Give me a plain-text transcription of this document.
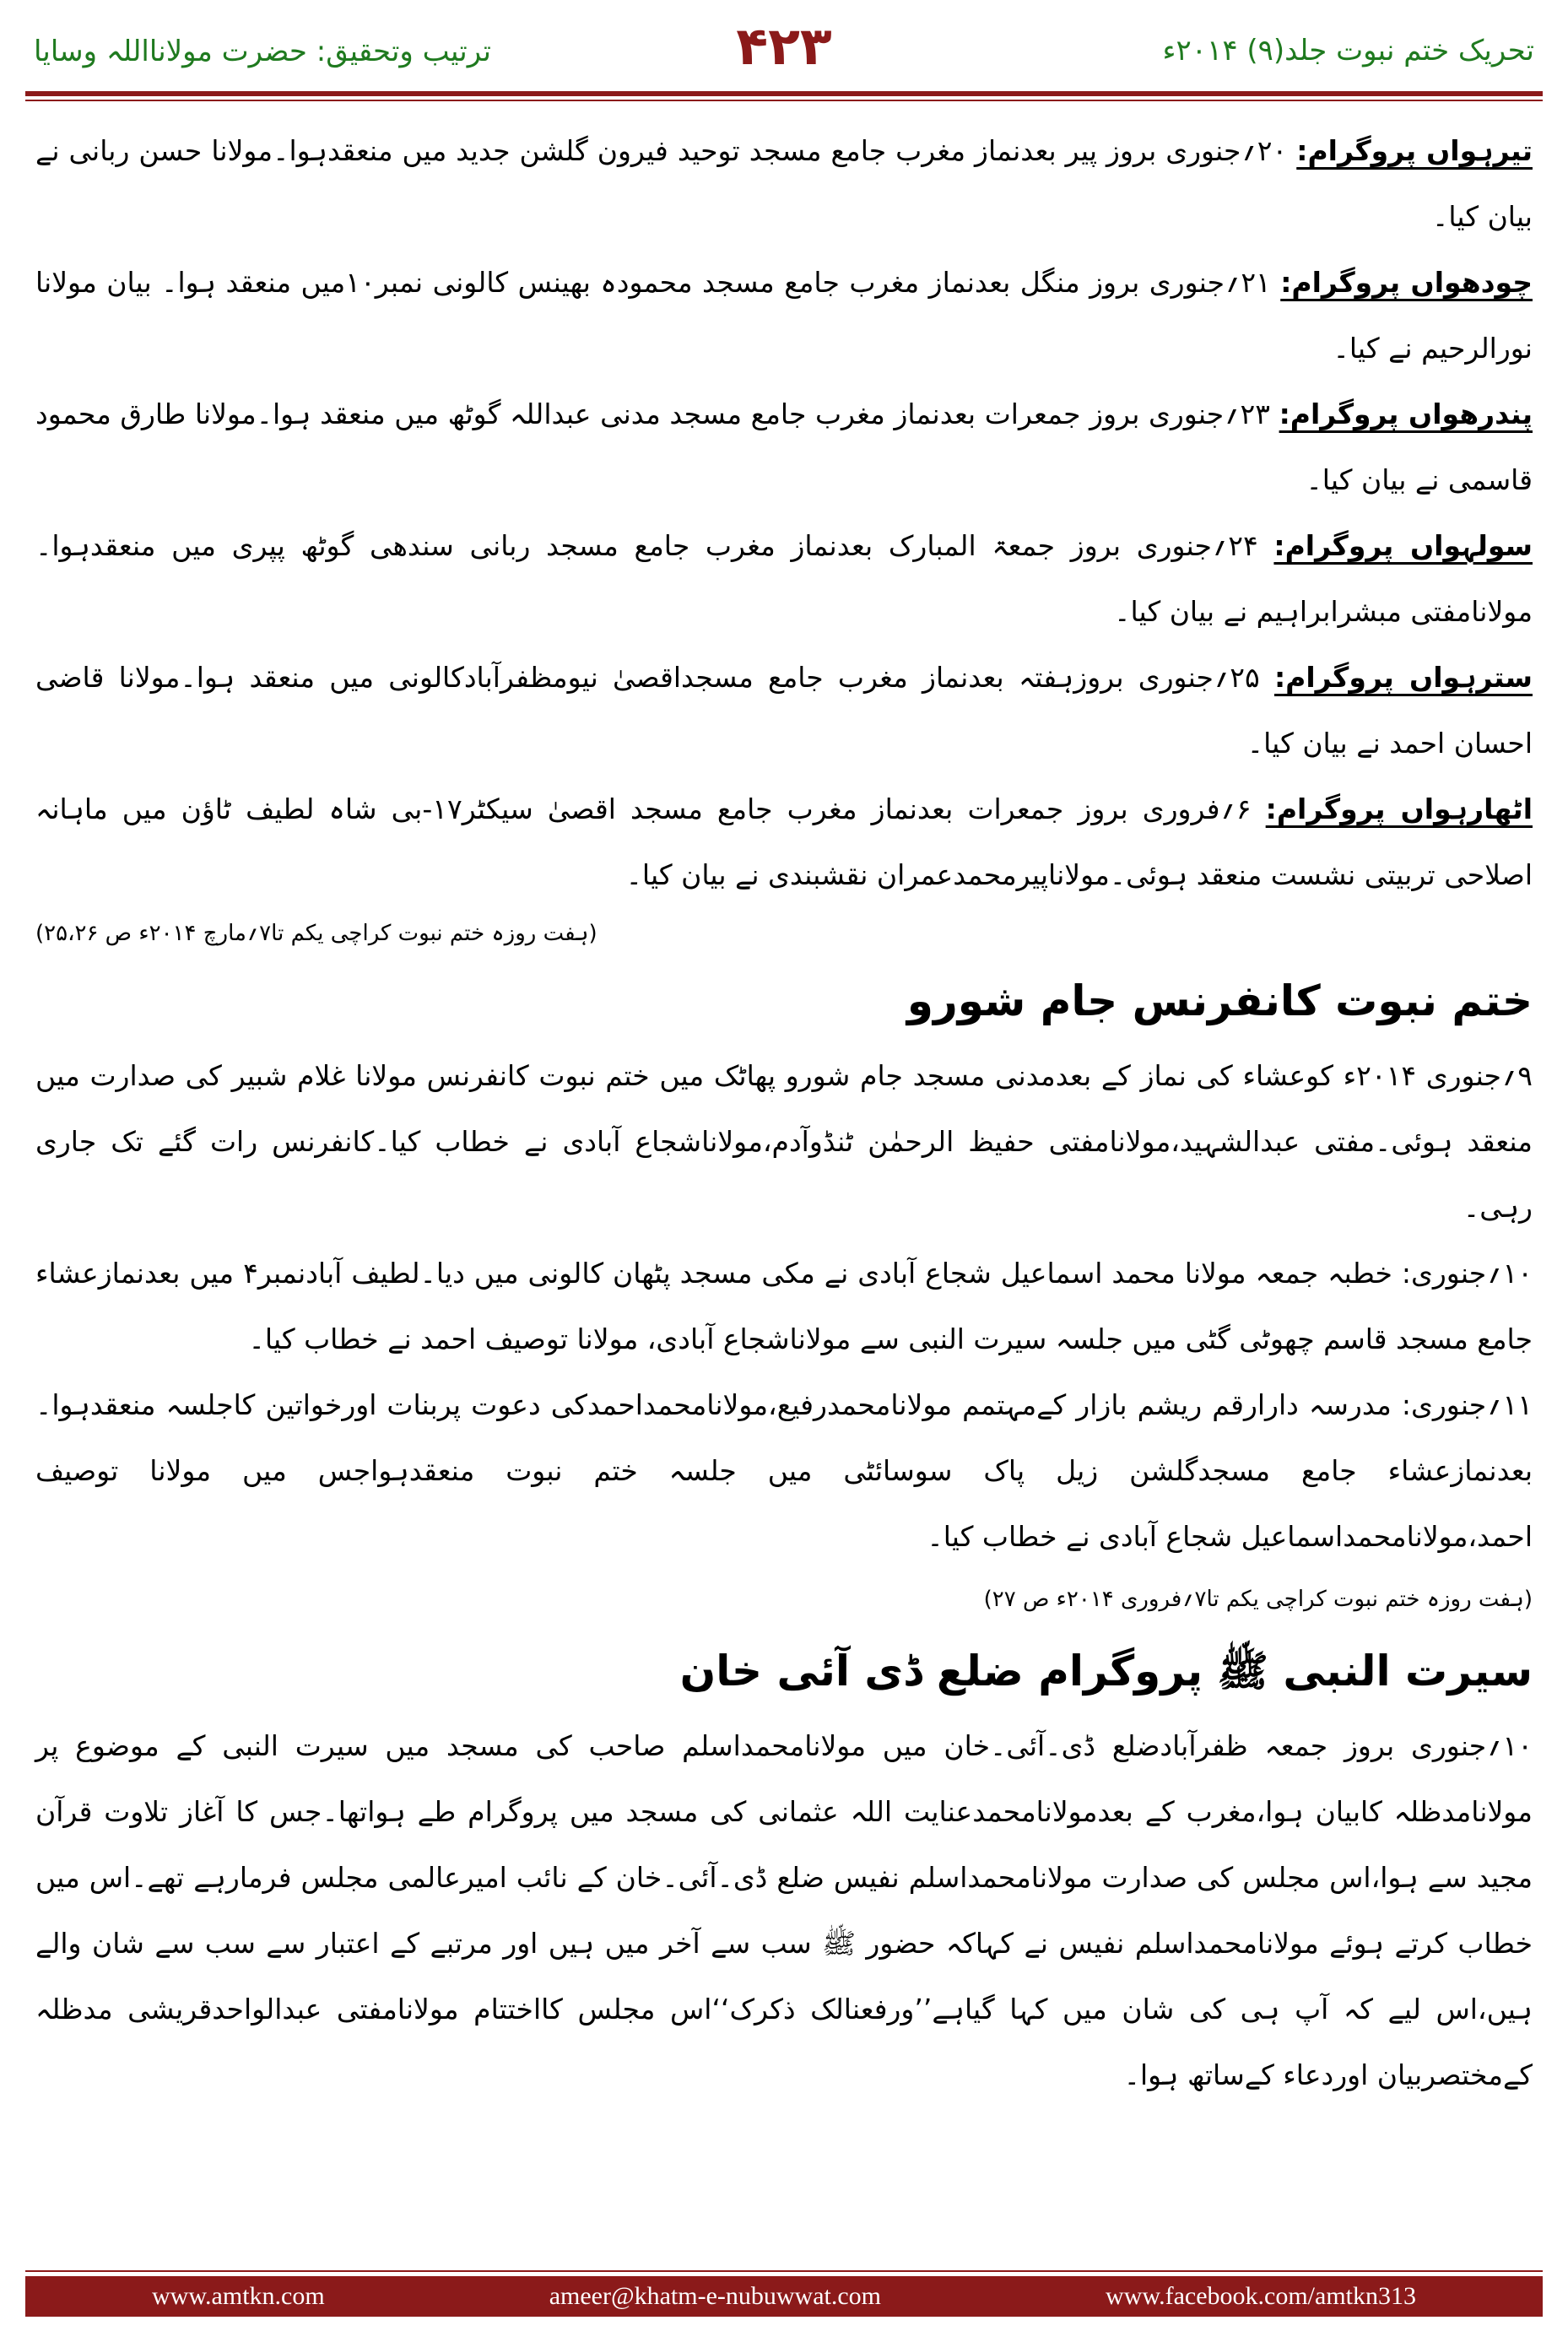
تحریک ختم نبوت جلد(۹) ۲۰۱۴ء
۴۲۳
ترتیب وتحقیق: حضرت مولانااللہ وسایا

تیرہواں پروگرام: ۲۰؍جنوری بروز پیر بعدنماز مغرب جامع مسجد توحید فیرون گلشن جدید میں منعقدہوا۔مولانا حسن ربانی نے بیان کیا۔

چودھواں پروگرام: ۲۱؍جنوری بروز منگل بعدنماز مغرب جامع مسجد محمودہ بھینس کالونی نمبر۱۰میں منعقد ہوا۔ بیان مولانا نورالرحیم نے کیا۔

پندرھواں پروگرام: ۲۳؍جنوری بروز جمعرات بعدنماز مغرب جامع مسجد مدنی عبداللہ گوٹھ میں منعقد ہوا۔مولانا طارق محمود قاسمی نے بیان کیا۔

سولہواں پروگرام: ۲۴؍جنوری بروز جمعۃ المبارک بعدنماز مغرب جامع مسجد ربانی سندھی گوٹھ پپری میں منعقدہوا۔مولانامفتی مبشرابراہیم نے بیان کیا۔

سترہواں پروگرام: ۲۵؍جنوری بروزہفتہ بعدنماز مغرب جامع مسجداقصیٰ نیومظفرآبادکالونی میں منعقد ہوا۔مولانا قاضی احسان احمد نے بیان کیا۔

اٹھارہواں پروگرام: ۶؍فروری بروز جمعرات بعدنماز مغرب جامع مسجد اقصیٰ سیکٹر۱۷-بی شاہ لطیف ٹاؤن میں ماہانہ اصلاحی تربیتی نشست منعقد ہوئی۔مولاناپیرمحمدعمران نقشبندی نے بیان کیا۔

(ہفت روزہ ختم نبوت کراچی یکم تا۷؍مارچ ۲۰۱۴ء ص ۲۵،۲۶)
ختم نبوت کانفرنس جام شورو

۹؍جنوری ۲۰۱۴ء کوعشاء کی نماز کے بعدمدنی مسجد جام شورو پھاٹک میں ختم نبوت کانفرنس مولانا غلام شبیر کی صدارت میں منعقد ہوئی۔مفتی عبدالشہید،مولانامفتی حفیظ الرحمٰن ٹنڈوآدم،مولاناشجاع آبادی نے خطاب کیا۔کانفرنس رات گئے تک جاری رہی۔

۱۰؍جنوری: خطبہ جمعہ مولانا محمد اسماعیل شجاع آبادی نے مکی مسجد پٹھان کالونی میں دیا۔لطیف آبادنمبر۴ میں بعدنمازعشاء جامع مسجد قاسم چھوٹی گٹی میں جلسہ سیرت النبی سے مولاناشجاع آبادی، مولانا توصیف احمد نے خطاب کیا۔

۱۱؍جنوری: مدرسہ دارارقم ریشم بازار کےمہتمم مولانامحمدرفیع،مولانامحمداحمدکی دعوت پربنات اورخواتین کاجلسہ منعقدہوا۔بعدنمازعشاء جامع مسجدگلشن زیل پاک سوسائٹی میں جلسہ ختم نبوت منعقدہواجس میں مولانا توصیف احمد،مولانامحمداسماعیل شجاع آبادی نے خطاب کیا۔

(ہفت روزہ ختم نبوت کراچی یکم تا۷؍فروری ۲۰۱۴ء ص ۲۷)

سیرت النبی ﷺ پروگرام ضلع ڈی آئی خان

۱۰؍جنوری بروز جمعہ ظفرآبادضلع ڈی۔آئی۔خان میں مولانامحمداسلم صاحب کی مسجد میں سیرت النبی کے موضوع پر مولانامدظلہ کابیان ہوا،مغرب کے بعدمولانامحمدعنایت اللہ عثمانی کی مسجد میں پروگرام طے ہواتھا۔جس کا آغاز تلاوت قرآن مجید سے ہوا،اس مجلس کی صدارت مولانامحمداسلم نفیس ضلع ڈی۔آئی۔خان کے نائب امیرعالمی مجلس فرمارہے تھے۔اس میں خطاب کرتے ہوئے مولانامحمداسلم نفیس نے کہاکہ حضور ﷺ سب سے آخر میں ہیں اور مرتبے کے اعتبار سے سب سے شان والے ہیں،اس لیے کہ آپ ہی کی شان میں کہا گیاہے’’ورفعنالک ذکرک‘‘اس مجلس کااختتام مولانامفتی عبدالواحدقریشی مدظلہ کےمختصربیان اوردعاء کےساتھ ہوا۔

www.amtkn.com	ameer@khatm-e-nubuwwat.com	www.facebook.com/amtkn313
